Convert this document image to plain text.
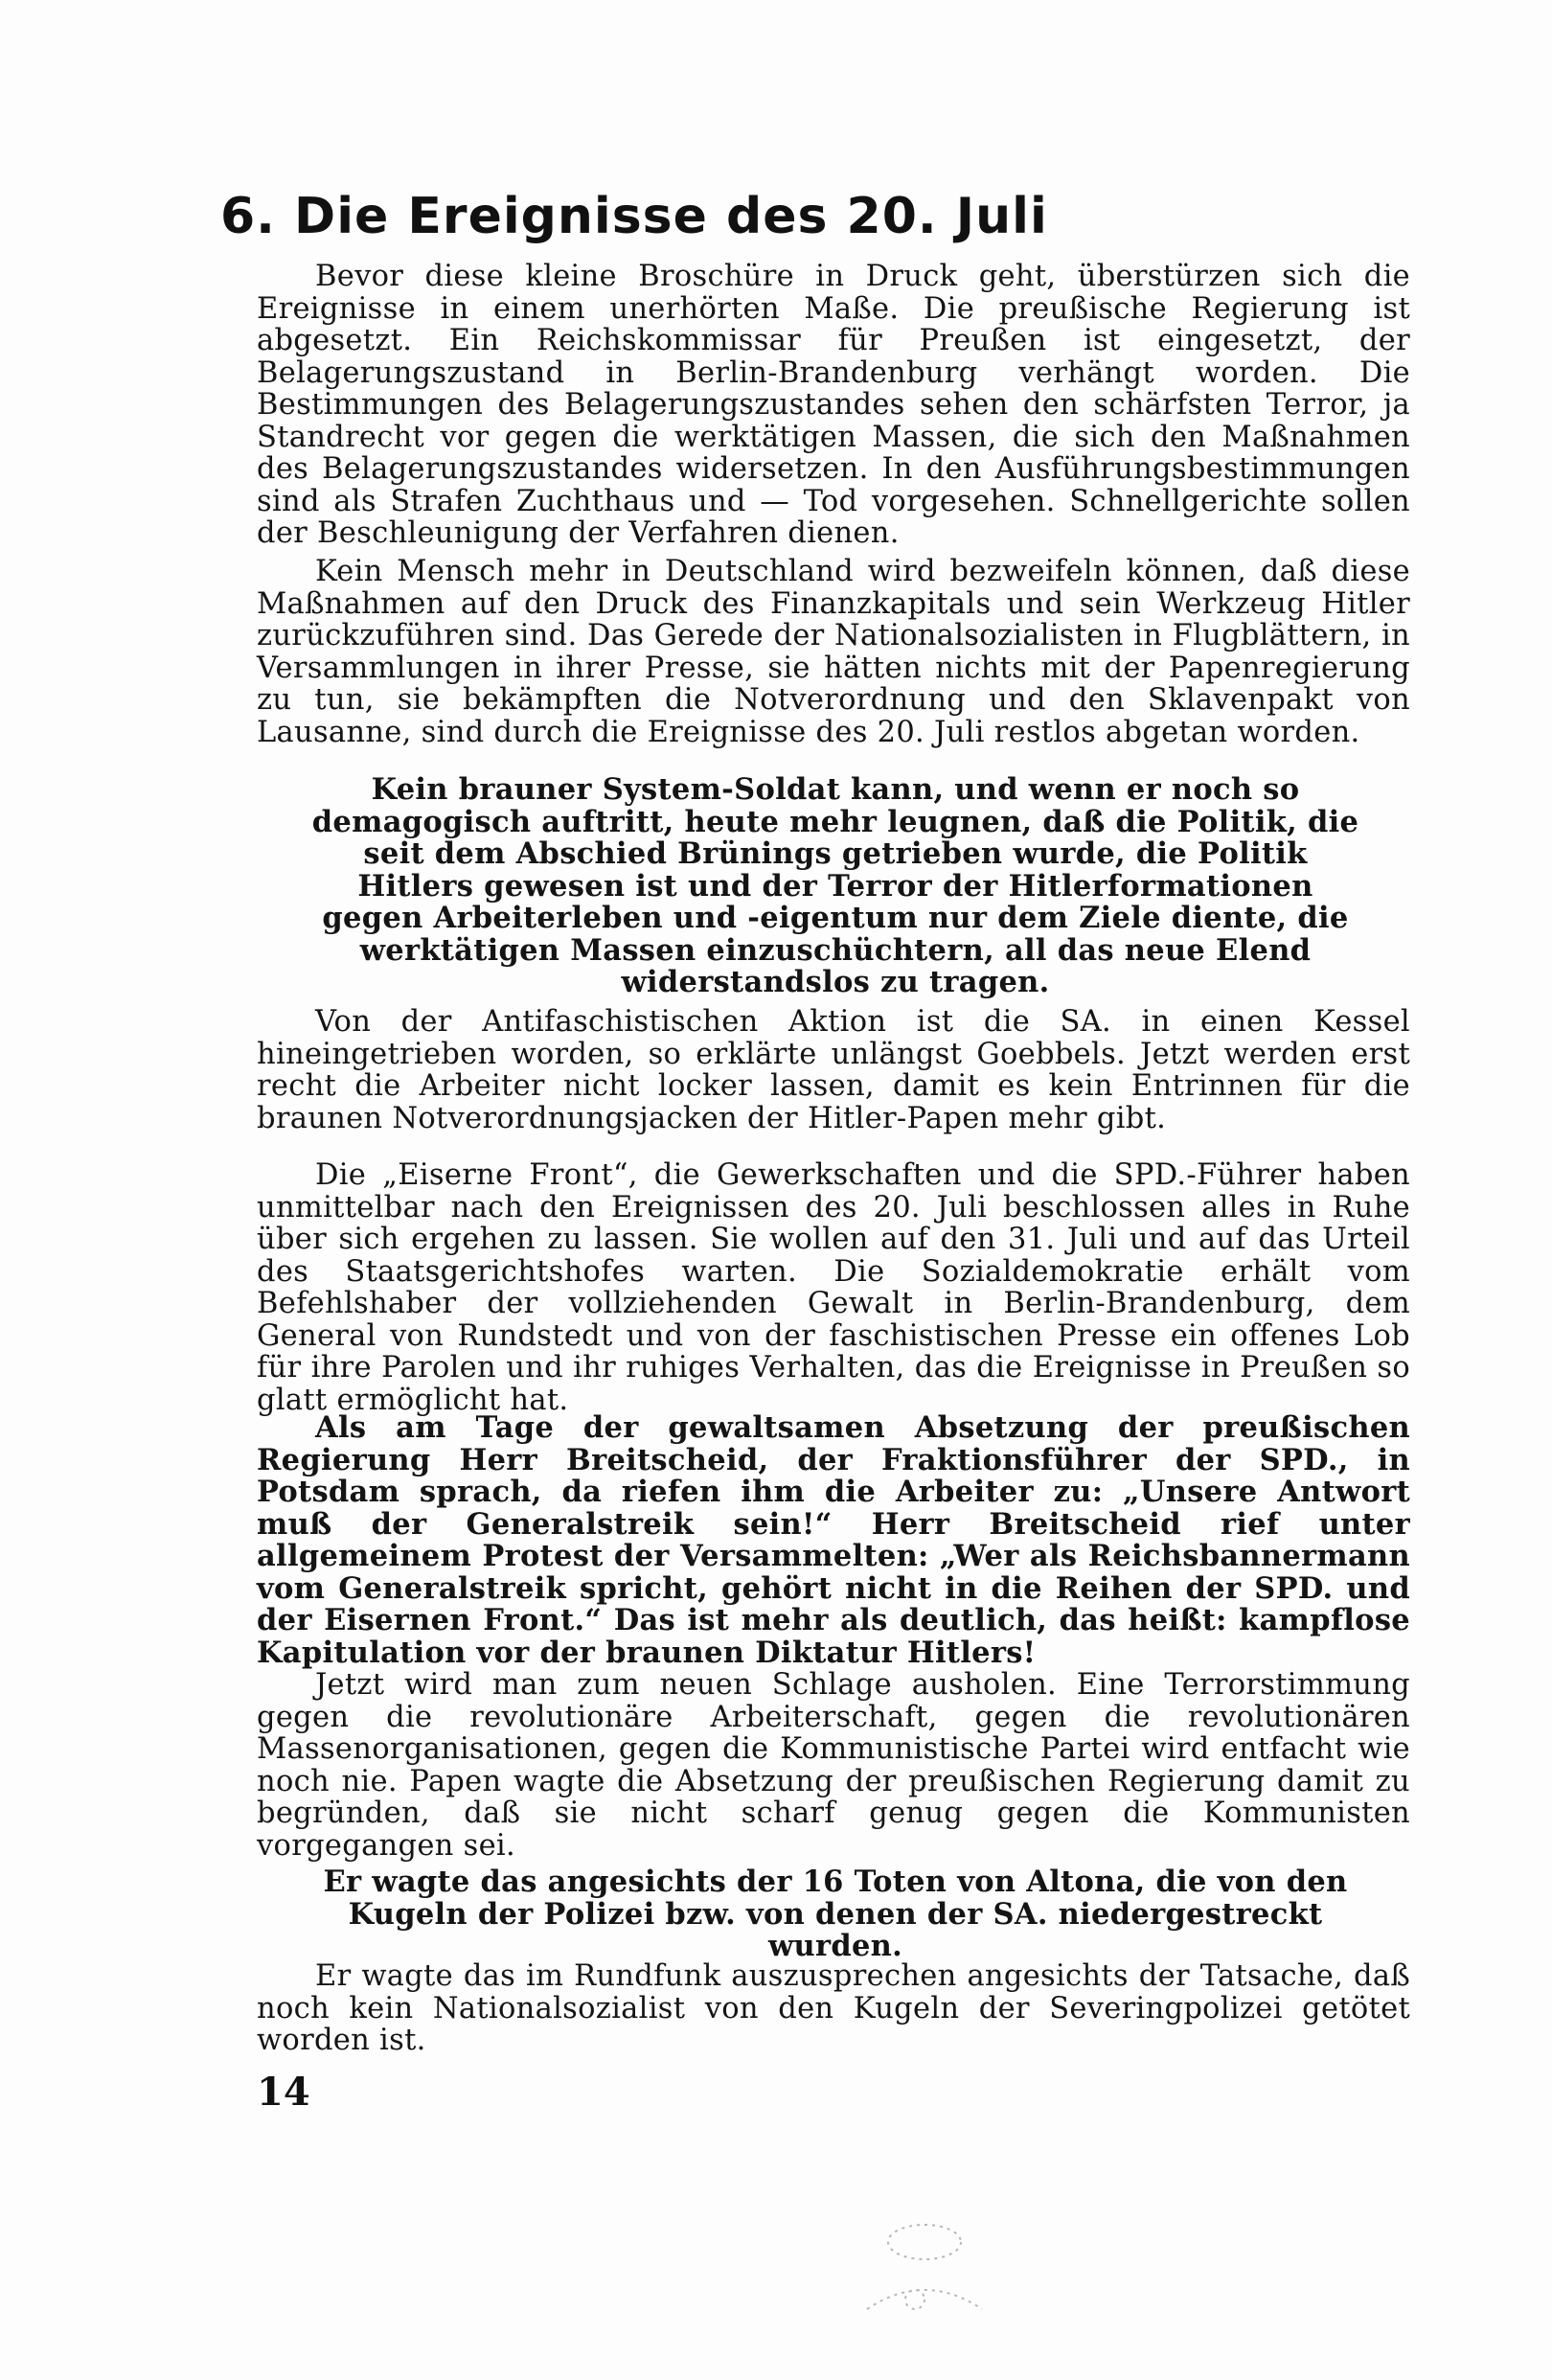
6. Die Ereignisse des 20. Juli
Bevor diese kleine Broschüre in Druck geht, überstürzen sich die Ereignisse in einem unerhörten Maße. Die preußische Regierung ist abgesetzt. Ein Reichskommissar für Preußen ist eingesetzt, der Belagerungszustand in Berlin-Brandenburg verhängt worden. Die Bestimmungen des Belagerungszustandes sehen den schärfsten Terror, ja Standrecht vor gegen die werktätigen Massen, die sich den Maßnahmen des Belagerungszustandes widersetzen. In den Ausführungsbestimmungen sind als Strafen Zuchthaus und — Tod vorgesehen. Schnellgerichte sollen der Beschleunigung der Verfahren dienen.
Kein Mensch mehr in Deutschland wird bezweifeln können, daß diese Maßnahmen auf den Druck des Finanzkapitals und sein Werkzeug Hitler zurückzuführen sind. Das Gerede der Nationalsozialisten in Flugblättern, in Versammlungen in ihrer Presse, sie hätten nichts mit der Papenregierung zu tun, sie bekämpften die Notverordnung und den Sklavenpakt von Lausanne, sind durch die Ereignisse des 20. Juli restlos abgetan worden.
Kein brauner System-Soldat kann, und wenn er noch so demagogisch auftritt, heute mehr leugnen, daß die Politik, die seit dem Abschied Brünings getrieben wurde, die Politik Hitlers gewesen ist und der Terror der Hitlerformationen gegen Arbeiterleben und -eigentum nur dem Ziele diente, die werktätigen Massen einzuschüchtern, all das neue Elend widerstandslos zu tragen.
Von der Antifaschistischen Aktion ist die SA. in einen Kessel hineingetrieben worden, so erklärte unlängst Goebbels. Jetzt werden erst recht die Arbeiter nicht locker lassen, damit es kein Entrinnen für die braunen Notverordnungsjacken der Hitler-Papen mehr gibt.
Die „Eiserne Front“, die Gewerkschaften und die SPD.-Führer haben unmittelbar nach den Ereignissen des 20. Juli beschlossen alles in Ruhe über sich ergehen zu lassen. Sie wollen auf den 31. Juli und auf das Urteil des Staatsgerichtshofes warten. Die Sozialdemokratie erhält vom Befehlshaber der vollziehenden Gewalt in Berlin-Brandenburg, dem General von Rundstedt und von der faschistischen Presse ein offenes Lob für ihre Parolen und ihr ruhiges Verhalten, das die Ereignisse in Preußen so glatt ermöglicht hat.
Als am Tage der gewaltsamen Absetzung der preußischen Regierung Herr Breitscheid, der Fraktionsführer der SPD., in Potsdam sprach, da riefen ihm die Arbeiter zu: „Unsere Antwort muß der Generalstreik sein!“ Herr Breitscheid rief unter allgemeinem Protest der Versammelten: „Wer als Reichsbannermann vom Generalstreik spricht, gehört nicht in die Reihen der SPD. und der Eisernen Front.“ Das ist mehr als deutlich, das heißt: kampflose Kapitulation vor der braunen Diktatur Hitlers!
Jetzt wird man zum neuen Schlage ausholen. Eine Terrorstimmung gegen die revolutionäre Arbeiterschaft, gegen die revolutionären Massenorganisationen, gegen die Kommunistische Partei wird entfacht wie noch nie. Papen wagte die Absetzung der preußischen Regierung damit zu begründen, daß sie nicht scharf genug gegen die Kommunisten vorgegangen sei.
Er wagte das angesichts der 16 Toten von Altona, die von den Kugeln der Polizei bzw. von denen der SA. niedergestreckt wurden.
Er wagte das im Rundfunk auszusprechen angesichts der Tatsache, daß noch kein Nationalsozialist von den Kugeln der Severingpolizei getötet worden ist.
14
